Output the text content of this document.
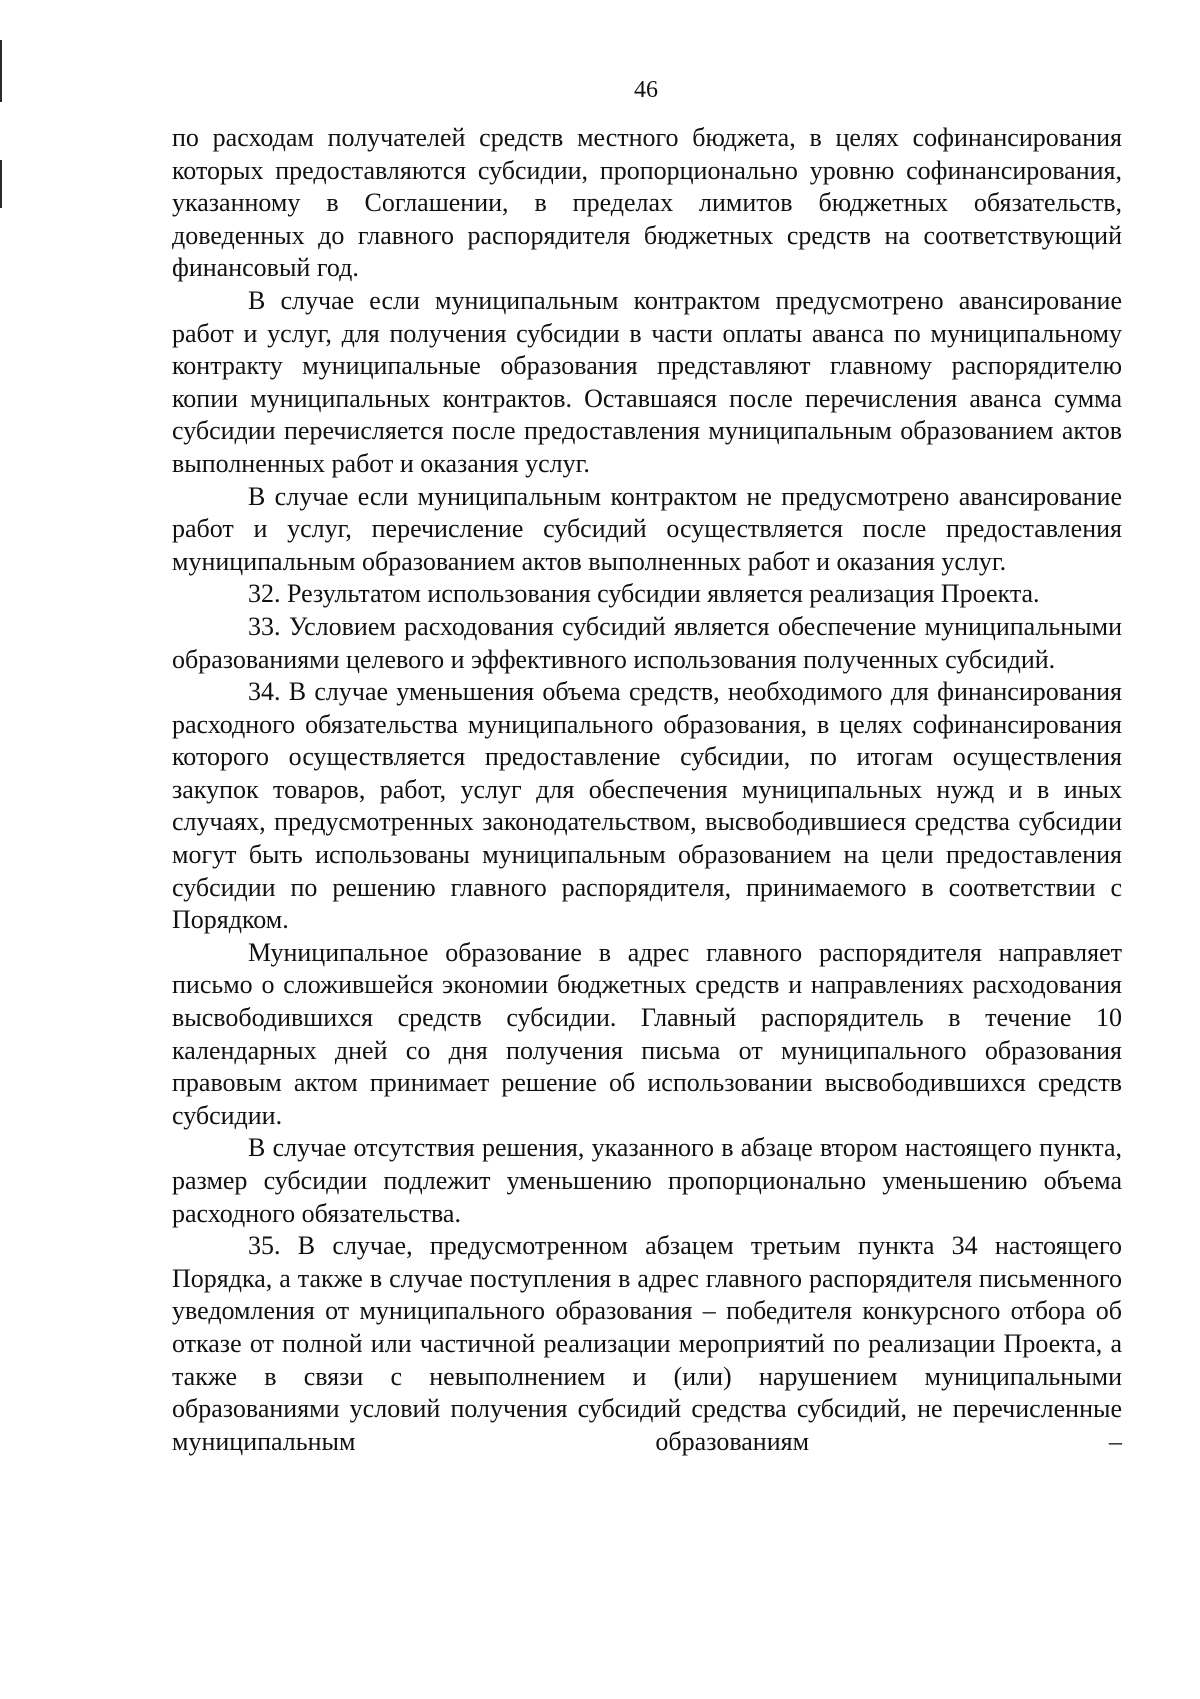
46

по расходам получателей средств местного бюджета, в целях софинансирования которых предоставляются субсидии, пропорционально уровню софинансирования, указанному в Соглашении, в пределах лимитов бюджетных обязательств, доведенных до главного распорядителя бюджетных средств на соответствующий финансовый год.

В случае если муниципальным контрактом предусмотрено авансирование работ и услуг, для получения субсидии в части оплаты аванса по муниципальному контракту муниципальные образования представляют главному распорядителю копии муниципальных контрактов. Оставшаяся после перечисления аванса сумма субсидии перечисляется после предоставления муниципальным образованием актов выполненных работ и оказания услуг.

В случае если муниципальным контрактом не предусмотрено авансирование работ и услуг, перечисление субсидий осуществляется после предоставления муниципальным образованием актов выполненных работ и оказания услуг.

32. Результатом использования субсидии является реализация Проекта.

33. Условием расходования субсидий является обеспечение муниципальными образованиями целевого и эффективного использования полученных субсидий.

34. В случае уменьшения объема средств, необходимого для финансирования расходного обязательства муниципального образования, в целях софинансирования которого осуществляется предоставление субсидии, по итогам осуществления закупок товаров, работ, услуг для обеспечения муниципальных нужд и в иных случаях, предусмотренных законодательством, высвободившиеся средства субсидии могут быть использованы муниципальным образованием на цели предоставления субсидии по решению главного распорядителя, принимаемого в соответствии с Порядком.

Муниципальное образование в адрес главного распорядителя направляет письмо о сложившейся экономии бюджетных средств и направлениях расходования высвободившихся средств субсидии. Главный распорядитель в течение 10 календарных дней со дня получения письма от муниципального образования правовым актом принимает решение об использовании высвободившихся средств субсидии.

В случае отсутствия решения, указанного в абзаце втором настоящего пункта, размер субсидии подлежит уменьшению пропорционально уменьшению объема расходного обязательства.

35. В случае, предусмотренном абзацем третьим пункта 34 настоящего Порядка, а также в случае поступления в адрес главного распорядителя письменного уведомления от муниципального образования – победителя конкурсного отбора об отказе от полной или частичной реализации мероприятий по реализации Проекта, а также в связи с невыполнением и (или) нарушением муниципальными образованиями условий получения субсидий средства субсидий, не перечисленные муниципальным образованиям –
